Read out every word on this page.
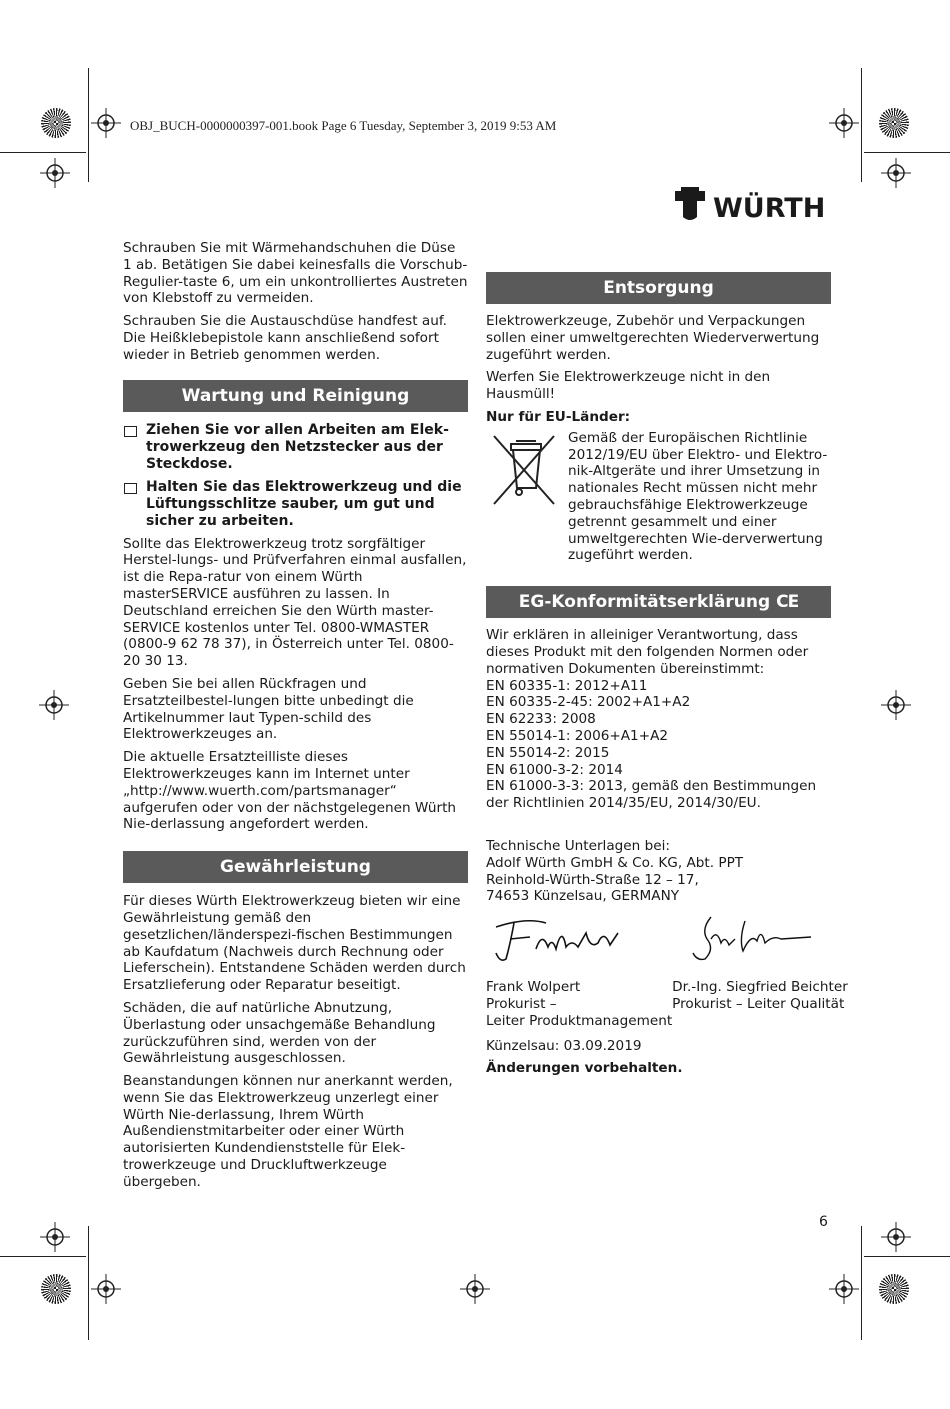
OBJ_BUCH-0000000397-001.book Page 6 Tuesday, September 3, 2019 9:53 AM
WÜRTH

Schrauben Sie mit Wärmehandschuhen die Düse 1 ab. Betätigen Sie dabei keinesfalls die Vorschub-Regulier-taste 6, um ein unkontrolliertes Austreten von Klebstoff zu vermeiden.

Schrauben Sie die Austauschdüse handfest auf. Die Heißklebepistole kann anschließend sofort wieder in Betrieb genommen werden.

Wartung und Reinigung
Ziehen Sie vor allen Arbeiten am Elek-trowerkzeug den Netzstecker aus der Steckdose.
Halten Sie das Elektrowerkzeug und die Lüftungsschlitze sauber, um gut und sicher zu arbeiten.

Sollte das Elektrowerkzeug trotz sorgfältiger Herstel-lungs- und Prüfverfahren einmal ausfallen, ist die Repa-ratur von einem Würth masterSERVICE ausführen zu lassen. In Deutschland erreichen Sie den Würth master-SERVICE kostenlos unter Tel. 0800-WMASTER (0800-9 62 78 37), in Österreich unter Tel. 0800-20 30 13.

Geben Sie bei allen Rückfragen und Ersatzteilbestel-lungen bitte unbedingt die Artikelnummer laut Typen-schild des Elektrowerkzeuges an.

Die aktuelle Ersatzteilliste dieses Elektrowerkzeuges kann im Internet unter „http://www.wuerth.com/partsmanager“ aufgerufen oder von der nächstgelegenen Würth Nie-derlassung angefordert werden.

Gewährleistung

Für dieses Würth Elektrowerkzeug bieten wir eine Gewährleistung gemäß den gesetzlichen/länderspezi-fischen Bestimmungen ab Kaufdatum (Nachweis durch Rechnung oder Lieferschein). Entstandene Schäden werden durch Ersatzlieferung oder Reparatur beseitigt.

Schäden, die auf natürliche Abnutzung, Überlastung oder unsachgemäße Behandlung zurückzuführen sind, werden von der Gewährleistung ausgeschlossen.

Beanstandungen können nur anerkannt werden, wenn Sie das Elektrowerkzeug unzerlegt einer Würth Nie-derlassung, Ihrem Würth Außendienstmitarbeiter oder einer Würth autorisierten Kundendienststelle für Elek-trowerkzeuge und Druckluftwerkzeuge übergeben.

Entsorgung

Elektrowerkzeuge, Zubehör und Verpackungen sollen einer umweltgerechten Wiederverwertung zugeführt werden.

Werfen Sie Elektrowerkzeuge nicht in den Hausmüll!

Nur für EU-Länder:

Gemäß der Europäischen Richtlinie 2012/19/EU über Elektro- und Elektro-nik-Altgeräte und ihrer Umsetzung in nationales Recht müssen nicht mehr gebrauchsfähige Elektrowerkzeuge getrennt gesammelt und einer umweltgerechten Wie-derverwertung zugeführt werden.
EG-Konformitätserklärung CE

Wir erklären in alleiniger Verantwortung, dass dieses Produkt mit den folgenden Normen oder normativen Dokumenten übereinstimmt:

EN 60335-1: 2012+A11
EN 60335-2-45: 2002+A1+A2
EN 62233: 2008
EN 55014-1: 2006+A1+A2
EN 55014-2: 2015
EN 61000-3-2: 2014
EN 61000-3-3: 2013, gemäß den Bestimmungen der Richtlinien 2014/35/EU, 2014/30/EU.
Technische Unterlagen bei:
Adolf Würth GmbH & Co. KG, Abt. PPT
Reinhold-Würth-Straße 12 – 17,
74653 Künzelsau, GERMANY
F. Wolpert	Siegfried Beichter
Frank Wolpert
Prokurist –
Leiter Produktmanagement
Dr.-Ing. Siegfried Beichter
Prokurist – Leiter Qualität

Künzelsau: 03.09.2019

Änderungen vorbehalten.

6
